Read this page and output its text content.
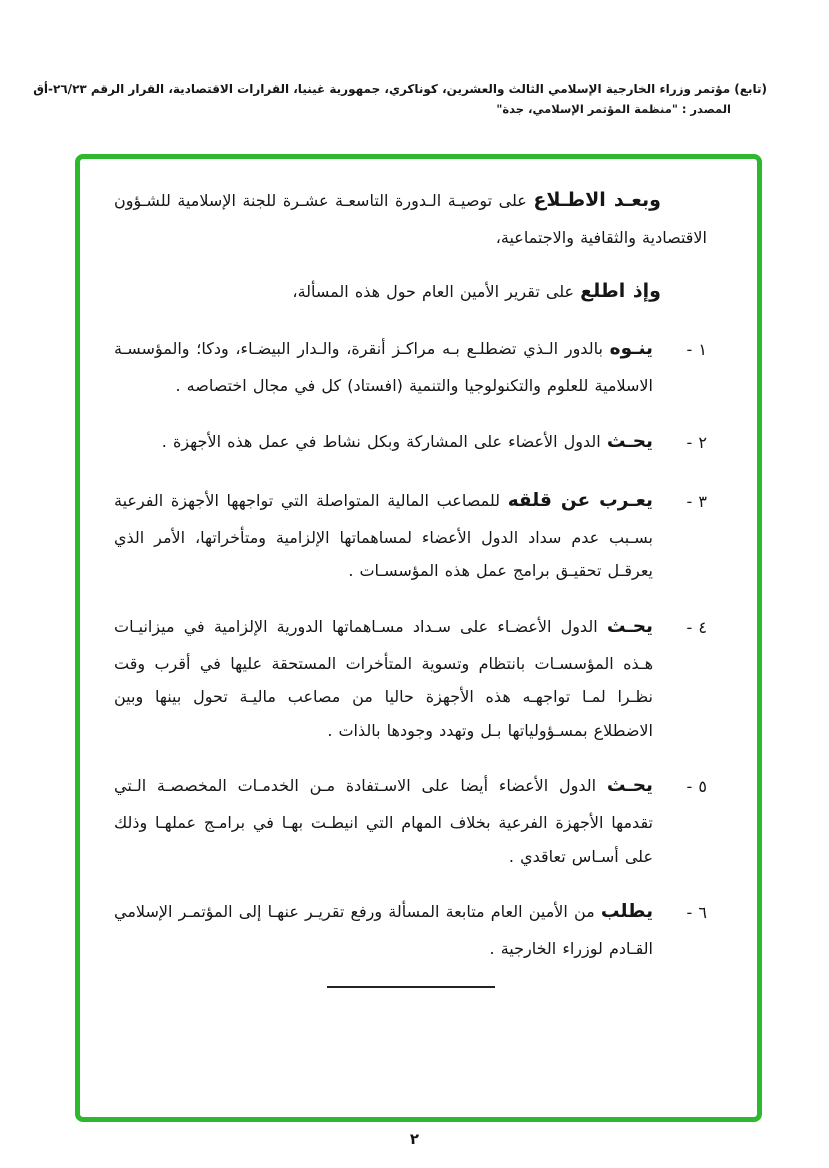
(تابع) مؤتمر وزراء الخارجية الإسلامي الثالث والعشرين، كوناكري، جمهورية غينيا، القرارات الاقتصادية، القرار الرقم ٢٦/٢٣-أق
المصدر : "منظمة المؤتمر الإسلامي، جدة"

وبعـد الاطـلاع على توصيـة الـدورة التاسعـة عشـرة للجنة الإسلامية للشـؤون الاقتصادية والثقافية والاجتماعية،

وإذ اطلع على تقرير الأمين العام حول هذه المسألة،

١ -

ينـوه بالدور الـذي تضطلـع بـه مراكـز أنقرة، والـدار البيضـاء، ودكا؛ والمؤسسـة الاسلامية للعلوم والتكنولوجيا والتنمية (افستاد) كل في مجال اختصاصه .

٢ -

يحـث الدول الأعضاء على المشاركة وبكل نشاط في عمل هذه الأجهزة .

٣ -

يعـرب عن قلقه للمصاعب المالية المتواصلة التي تواجهها الأجهزة الفرعية بسـبب عدم سداد الدول الأعضاء لمساهماتها الإلزامية ومتأخراتها، الأمر الذي يعرقـل تحقيـق برامج عمل هذه المؤسسـات .

٤ -

يحـث الدول الأعضـاء على سـداد مسـاهماتها الدورية الإلزامية في ميزانيـات هـذه المؤسسـات بانتظام وتسوية المتأخرات المستحقة عليها في أقرب وقت نظـرا لمـا تواجهـه هذه الأجهزة حاليا من مصاعب ماليـة تحول بينها وبين الاضطلاع بمسـؤولياتها بـل وتهدد وجودها بالذات .

٥ -

يحـث الدول الأعضاء أيضا على الاسـتفادة مـن الخدمـات المخصصـة الـتي تقدمها الأجهزة الفرعية بخلاف المهام التي انيطـت بهـا في برامـج عملهـا وذلك على أسـاس تعاقدي .

٦ -

يطلب من الأمين العام متابعة المسألة ورفع تقريـر عنهـا إلى المؤتمـر الإسلامي القـادم لوزراء الخارجية .

٢
